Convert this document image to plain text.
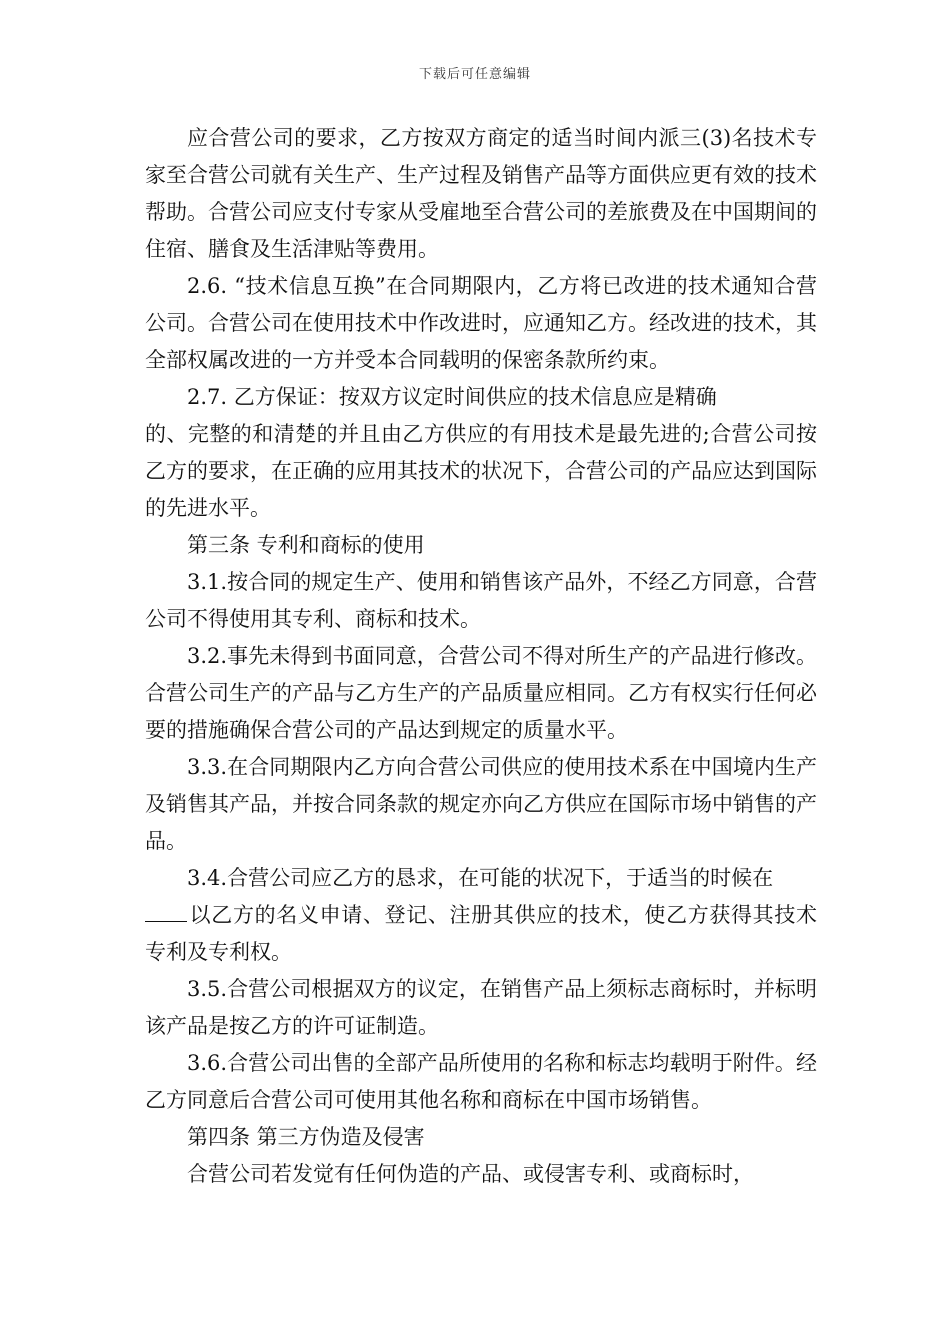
下载后可任意编辑

应合营公司的要求，乙方按双方商定的适当时间内派三(3)名技术专家至合营公司就有关生产、生产过程及销售产品等方面供应更有效的技术帮助。合营公司应支付专家从受雇地至合营公司的差旅费及在中国期间的住宿、膳食及生活津贴等费用。

2.6. “技术信息互换”在合同期限内，乙方将已改进的技术通知合营公司。合营公司在使用技术中作改进时，应通知乙方。经改进的技术，其全部权属改进的一方并受本合同载明的保密条款所约束。

2.7. 乙方保证：按双方议定时间供应的技术信息应是精确

的、完整的和清楚的并且由乙方供应的有用技术是最先进的;合营公司按乙方的要求，在正确的应用其技术的状况下，合营公司的产品应达到国际的先进水平。

第三条 专利和商标的使用

3.1.按合同的规定生产、使用和销售该产品外，不经乙方同意，合营公司不得使用其专利、商标和技术。

3.2.事先未得到书面同意，合营公司不得对所生产的产品进行修改。合营公司生产的产品与乙方生产的产品质量应相同。乙方有权实行任何必要的措施确保合营公司的产品达到规定的质量水平。

3.3.在合同期限内乙方向合营公司供应的使用技术系在中国境内生产及销售其产品，并按合同条款的规定亦向乙方供应在国际市场中销售的产品。

3.4.合营公司应乙方的恳求，在可能的状况下，于适当的时候在

以乙方的名义申请、登记、注册其供应的技术，使乙方获得其技术专利及专利权。

3.5.合营公司根据双方的议定，在销售产品上须标志商标时，并标明该产品是按乙方的许可证制造。

3.6.合营公司出售的全部产品所使用的名称和标志均载明于附件。经乙方同意后合营公司可使用其他名称和商标在中国市场销售。

第四条 第三方伪造及侵害

合营公司若发觉有任何伪造的产品、或侵害专利、或商标时，
